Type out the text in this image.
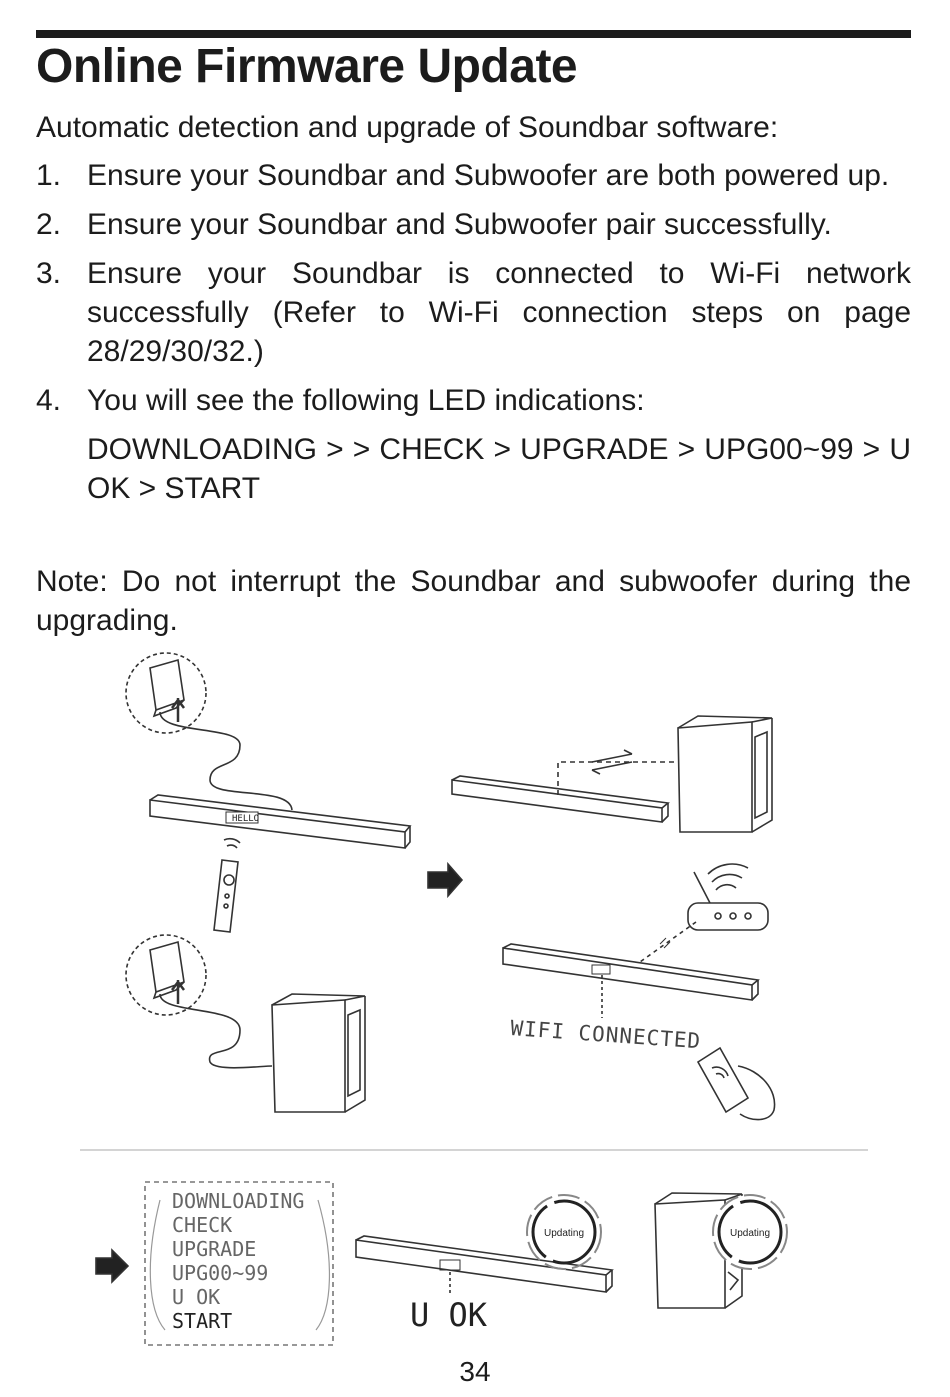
Online Firmware Update
Automatic detection and upgrade of Soundbar software:
1. Ensure your Soundbar and Subwoofer are both powered up.
2. Ensure your Soundbar and Subwoofer pair successfully.
3. Ensure your Soundbar is connected to Wi-Fi network successfully (Refer to Wi-Fi connection steps on page 28/29/30/32.)
4. You will see the following LED indications:
DOWNLOADING > > CHECK > UPGRADE > UPG00~99 > U OK > START
Note: Do not interrupt the Soundbar and subwoofer during the upgrading.
HELLO
WIFI CONNECTED
DOWNLOADING
CHECK
UPGRADE
UPG00~99
U OK
START	U OK
Updating	Updating
34
